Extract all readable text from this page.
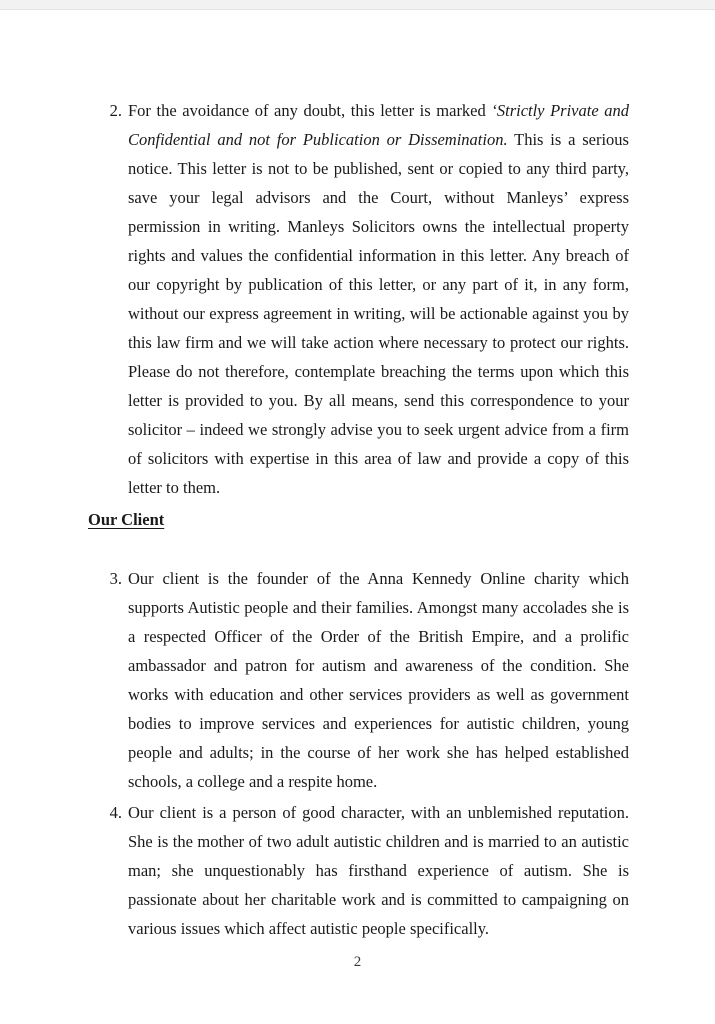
2. For the avoidance of any doubt, this letter is marked ‘Strictly Private and Confidential and not for Publication or Dissemination. This is a serious notice. This letter is not to be published, sent or copied to any third party, save your legal advisors and the Court, without Manleys’ express permission in writing. Manleys Solicitors owns the intellectual property rights and values the confidential information in this letter. Any breach of our copyright by publication of this letter, or any part of it, in any form, without our express agreement in writing, will be actionable against you by this law firm and we will take action where necessary to protect our rights. Please do not therefore, contemplate breaching the terms upon which this letter is provided to you. By all means, send this correspondence to your solicitor – indeed we strongly advise you to seek urgent advice from a firm of solicitors with expertise in this area of law and provide a copy of this letter to them.
Our Client
3. Our client is the founder of the Anna Kennedy Online charity which supports Autistic people and their families. Amongst many accolades she is a respected Officer of the Order of the British Empire, and a prolific ambassador and patron for autism and awareness of the condition. She works with education and other services providers as well as government bodies to improve services and experiences for autistic children, young people and adults; in the course of her work she has helped established schools, a college and a respite home.
4. Our client is a person of good character, with an unblemished reputation. She is the mother of two adult autistic children and is married to an autistic man; she unquestionably has firsthand experience of autism. She is passionate about her charitable work and is committed to campaigning on various issues which affect autistic people specifically.
2
